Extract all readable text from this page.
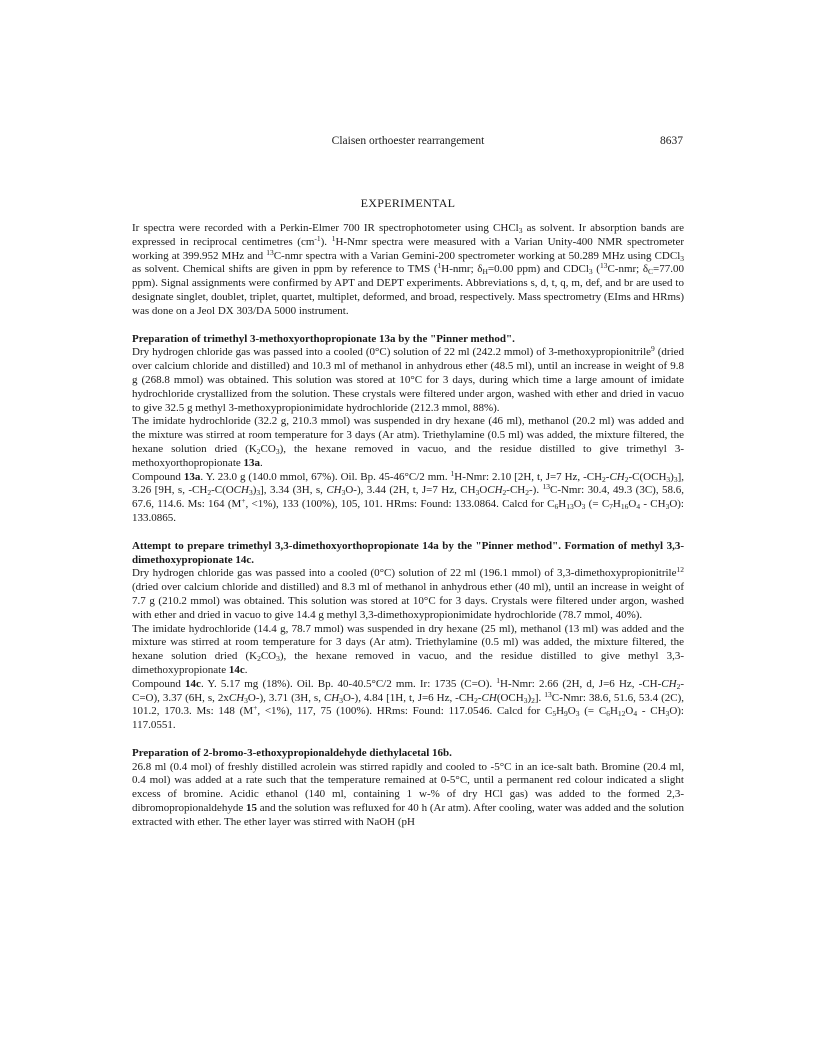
Claisen orthoester rearrangement	8637
EXPERIMENTAL

Ir spectra were recorded with a Perkin-Elmer 700 IR spectrophotometer using CHCl$_3$ as solvent. Ir absorption bands are expressed in reciprocal centimetres $(cm^{-1})$. $^1$H-Nmr spectra were measured with a Varian Unity-400 NMR spectrometer working at 399.952 MHz and $^{13}$C-nmr spectra with a Varian Gemini-200 spectrometer working at 50.289 MHz using CDCl$_3$ as solvent. Chemical shifts are given in ppm by reference to TMS ($^1$H-nmr; $\delta_H=0.00$ ppm) and CDCl$_3$ ($^{13}$C-nmr; $\delta_C=77.00$ ppm). Signal assignments were confirmed by APT and DEPT experiments. Abbreviations s, d, t, q, m, def, and br are used to designate singlet, doublet, triplet, quartet, multiplet, deformed, and broad, respectively. Mass spectrometry (EIms and HRms) was done on a Jeol DX 303/DA 5000 instrument.

Preparation of trimethyl 3-methoxyorthopropionate 13a by the "Pinner method".

Dry hydrogen chloride gas was passed into a cooled (0°C) solution of 22 ml (242.2 mmol) of 3-methoxypropionitrile$^9$ (dried over calcium chloride and distilled) and 10.3 ml of methanol in anhydrous ether (48.5 ml), until an increase in weight of 9.8 g (268.8 mmol) was obtained. This solution was stored at 10°C for 3 days, during which time a large amount of imidate hydrochloride crystallized from the solution. These crystals were filtered under argon, washed with ether and dried in vacuo to give 32.5 g methyl 3-methoxypropionimidate hydrochloride (212.3 mmol, 88%).

The imidate hydrochloride (32.2 g, 210.3 mmol) was suspended in dry hexane (46 ml), methanol (20.2 ml) was added and the mixture was stirred at room temperature for 3 days (Ar atm). Triethylamine (0.5 ml) was added, the mixture filtered, the hexane solution dried $(K_2CO_3)$, the hexane removed in vacuo, and the residue distilled to give trimethyl 3-methoxyorthopropionate 13a.

Compound 13a. Y. 23.0 g (140.0 mmol, 67%). Oil. Bp. 45-46°C/2 mm. $^1$H-Nmr: 2.10 [2H, t, J=7 Hz, $-CH_2-CH_2-C(OCH_3)_3$], 3.26 [9H, s, $-CH_2-C(OCH_3)_3$], 3.34 (3H, s, $CH_3O-$), 3.44 (2H, t, J=7 Hz, $CH_3OCH_2-CH_2-$). $^{13}$C-Nmr: 30.4, 49.3 (3C), 58.6, 67.6, 114.6. Ms: 164 (M+, <1%), 133 (100%), 105, 101. HRms: Found: 133.0864. Calcd for $C_6H_{13}O_3$ (= $C_7H_{16}O_4 - CH_3O$): 133.0865.

Attempt to prepare trimethyl 3,3-dimethoxyorthopropionate 14a by the "Pinner method". Formation of methyl 3,3-dimethoxypropionate 14c.

Dry hydrogen chloride gas was passed into a cooled (0°C) solution of 22 ml (196.1 mmol) of 3,3-dimethoxypropionitrile$^{12}$ (dried over calcium chloride and distilled) and 8.3 ml of methanol in anhydrous ether (40 ml), until an increase in weight of 7.7 g (210.2 mmol) was obtained. This solution was stored at 10°C for 3 days. Crystals were filtered under argon, washed with ether and dried in vacuo to give 14.4 g methyl 3,3-dimethoxypropionimidate hydrochloride (78.7 mmol, 40%).

The imidate hydrochloride (14.4 g, 78.7 mmol) was suspended in dry hexane (25 ml), methanol (13 ml) was added and the mixture was stirred at room temperature for 3 days (Ar atm). Triethylamine (0.5 ml) was added, the mixture filtered, the hexane solution dried $(K_2CO_3)$, the hexane removed in vacuo, and the residue distilled to give methyl 3,3-dimethoxypropionate 14c.

Compound 14c. Y. 5.17 mg (18%). Oil. Bp. 40-40.5°C/2 mm. Ir: 1735 (C=O). $^1$H-Nmr: 2.66 (2H, d, J=6 Hz, $-CH-CH_2-C=O$), 3.37 (6H, s, 2xCH$_3$O-), 3.71 (3H, s, $CH_3O-$), 4.84 [1H, t, J=6 Hz, $-CH_2-CH(OCH_3)_2$]. $^{13}$C-Nmr: 38.6, 51.6, 53.4 (2C), 101.2, 170.3. Ms: 148 (M+, <1%), 117, 75 (100%). HRms: Found: 117.0546. Calcd for $C_5H_9O_3$ (= $C_6H_{12}O_4 - CH_3O$): 117.0551.

Preparation of 2-bromo-3-ethoxypropionaldehyde diethylacetal 16b.

26.8 ml (0.4 mol) of freshly distilled acrolein was stirred rapidly and cooled to -5°C in an ice-salt bath. Bromine (20.4 ml, 0.4 mol) was added at a rate such that the temperature remained at 0-5°C, until a permanent red colour indicated a slight excess of bromine. Acidic ethanol (140 ml, containing 1 w-% of dry HCl gas) was added to the formed 2,3-dibromopropionaldehyde 15 and the solution was refluxed for 40 h (Ar atm). After cooling, water was added and the solution extracted with ether. The ether layer was stirred with NaOH (pH
